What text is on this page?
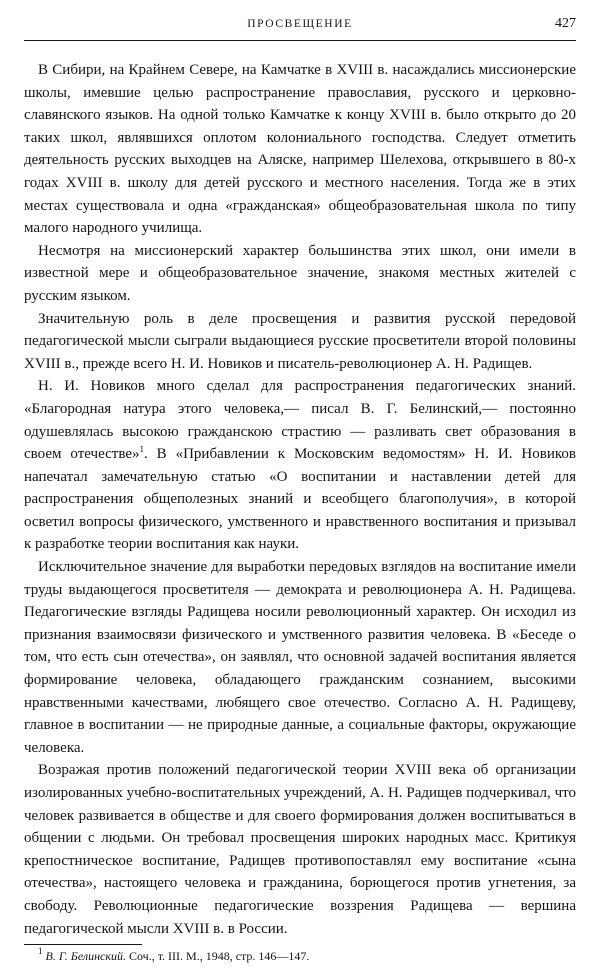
ПРОСВЕЩЕНИЕ	427

В Сибири, на Крайнем Севере, на Камчатке в XVIII в. насаждались миссионерские школы, имевшие целью распространение православия, русского и церковно-славянского языков. На одной только Камчатке к концу XVIII в. было открыто до 20 таких школ, являвшихся оплотом колониального господства. Следует отметить деятельность русских выходцев на Аляске, например Шелехова, открывшего в 80-х годах XVIII в. школу для детей русского и местного населения. Тогда же в этих местах существовала и одна «гражданская» общеобразовательная школа по типу малого народного училища.

Несмотря на миссионерский характер большинства этих школ, они имели в известной мере и общеобразовательное значение, знакомя местных жителей с русским языком.

Значительную роль в деле просвещения и развития русской передовой педагогической мысли сыграли выдающиеся русские просветители второй половины XVIII в., прежде всего Н. И. Новиков и писатель-революционер А. Н. Радищев.

Н. И. Новиков много сделал для распространения педагогических знаний. «Благородная натура этого человека,— писал В. Г. Белинский,— постоянно одушевлялась высокою гражданскою страстию — разливать свет образования в своем отечестве»$^1$. В «Прибавлении к Московским ведомостям» Н. И. Новиков напечатал замечательную статью «О воспитании и наставлении детей для распространения общеполезных знаний и всеобщего благополучия», в которой осветил вопросы физического, умственного и нравственного воспитания и призывал к разработке теории воспитания как науки.

Исключительное значение для выработки передовых взглядов на воспитание имели труды выдающегося просветителя — демократа и революционера А. Н. Радищева. Педагогические взгляды Радищева носили революционный характер. Он исходил из признания взаимосвязи физического и умственного развития человека. В «Беседе о том, что есть сын отечества», он заявлял, что основной задачей воспитания является формирование человека, обладающего гражданским сознанием, высокими нравственными качествами, любящего свое отечество. Согласно А. Н. Радищеву, главное в воспитании — не природные данные, а социальные факторы, окружающие человека.

Возражая против положений педагогической теории XVIII века об организации изолированных учебно-воспитательных учреждений, А. Н. Радищев подчеркивал, что человек развивается в обществе и для своего формирования должен воспитываться в общении с людьми. Он требовал просвещения широких народных масс. Критикуя крепостническое воспитание, Радищев противопоставлял ему воспитание «сына отечества», настоящего человека и гражданина, борющегося против угнетения, за свободу. Революционные педагогические воззрения Радищева — вершина педагогической мысли XVIII в. в России.

$^1$ В. Г. Белинский. Соч., т. III. М., 1948, стр. 146—147.
